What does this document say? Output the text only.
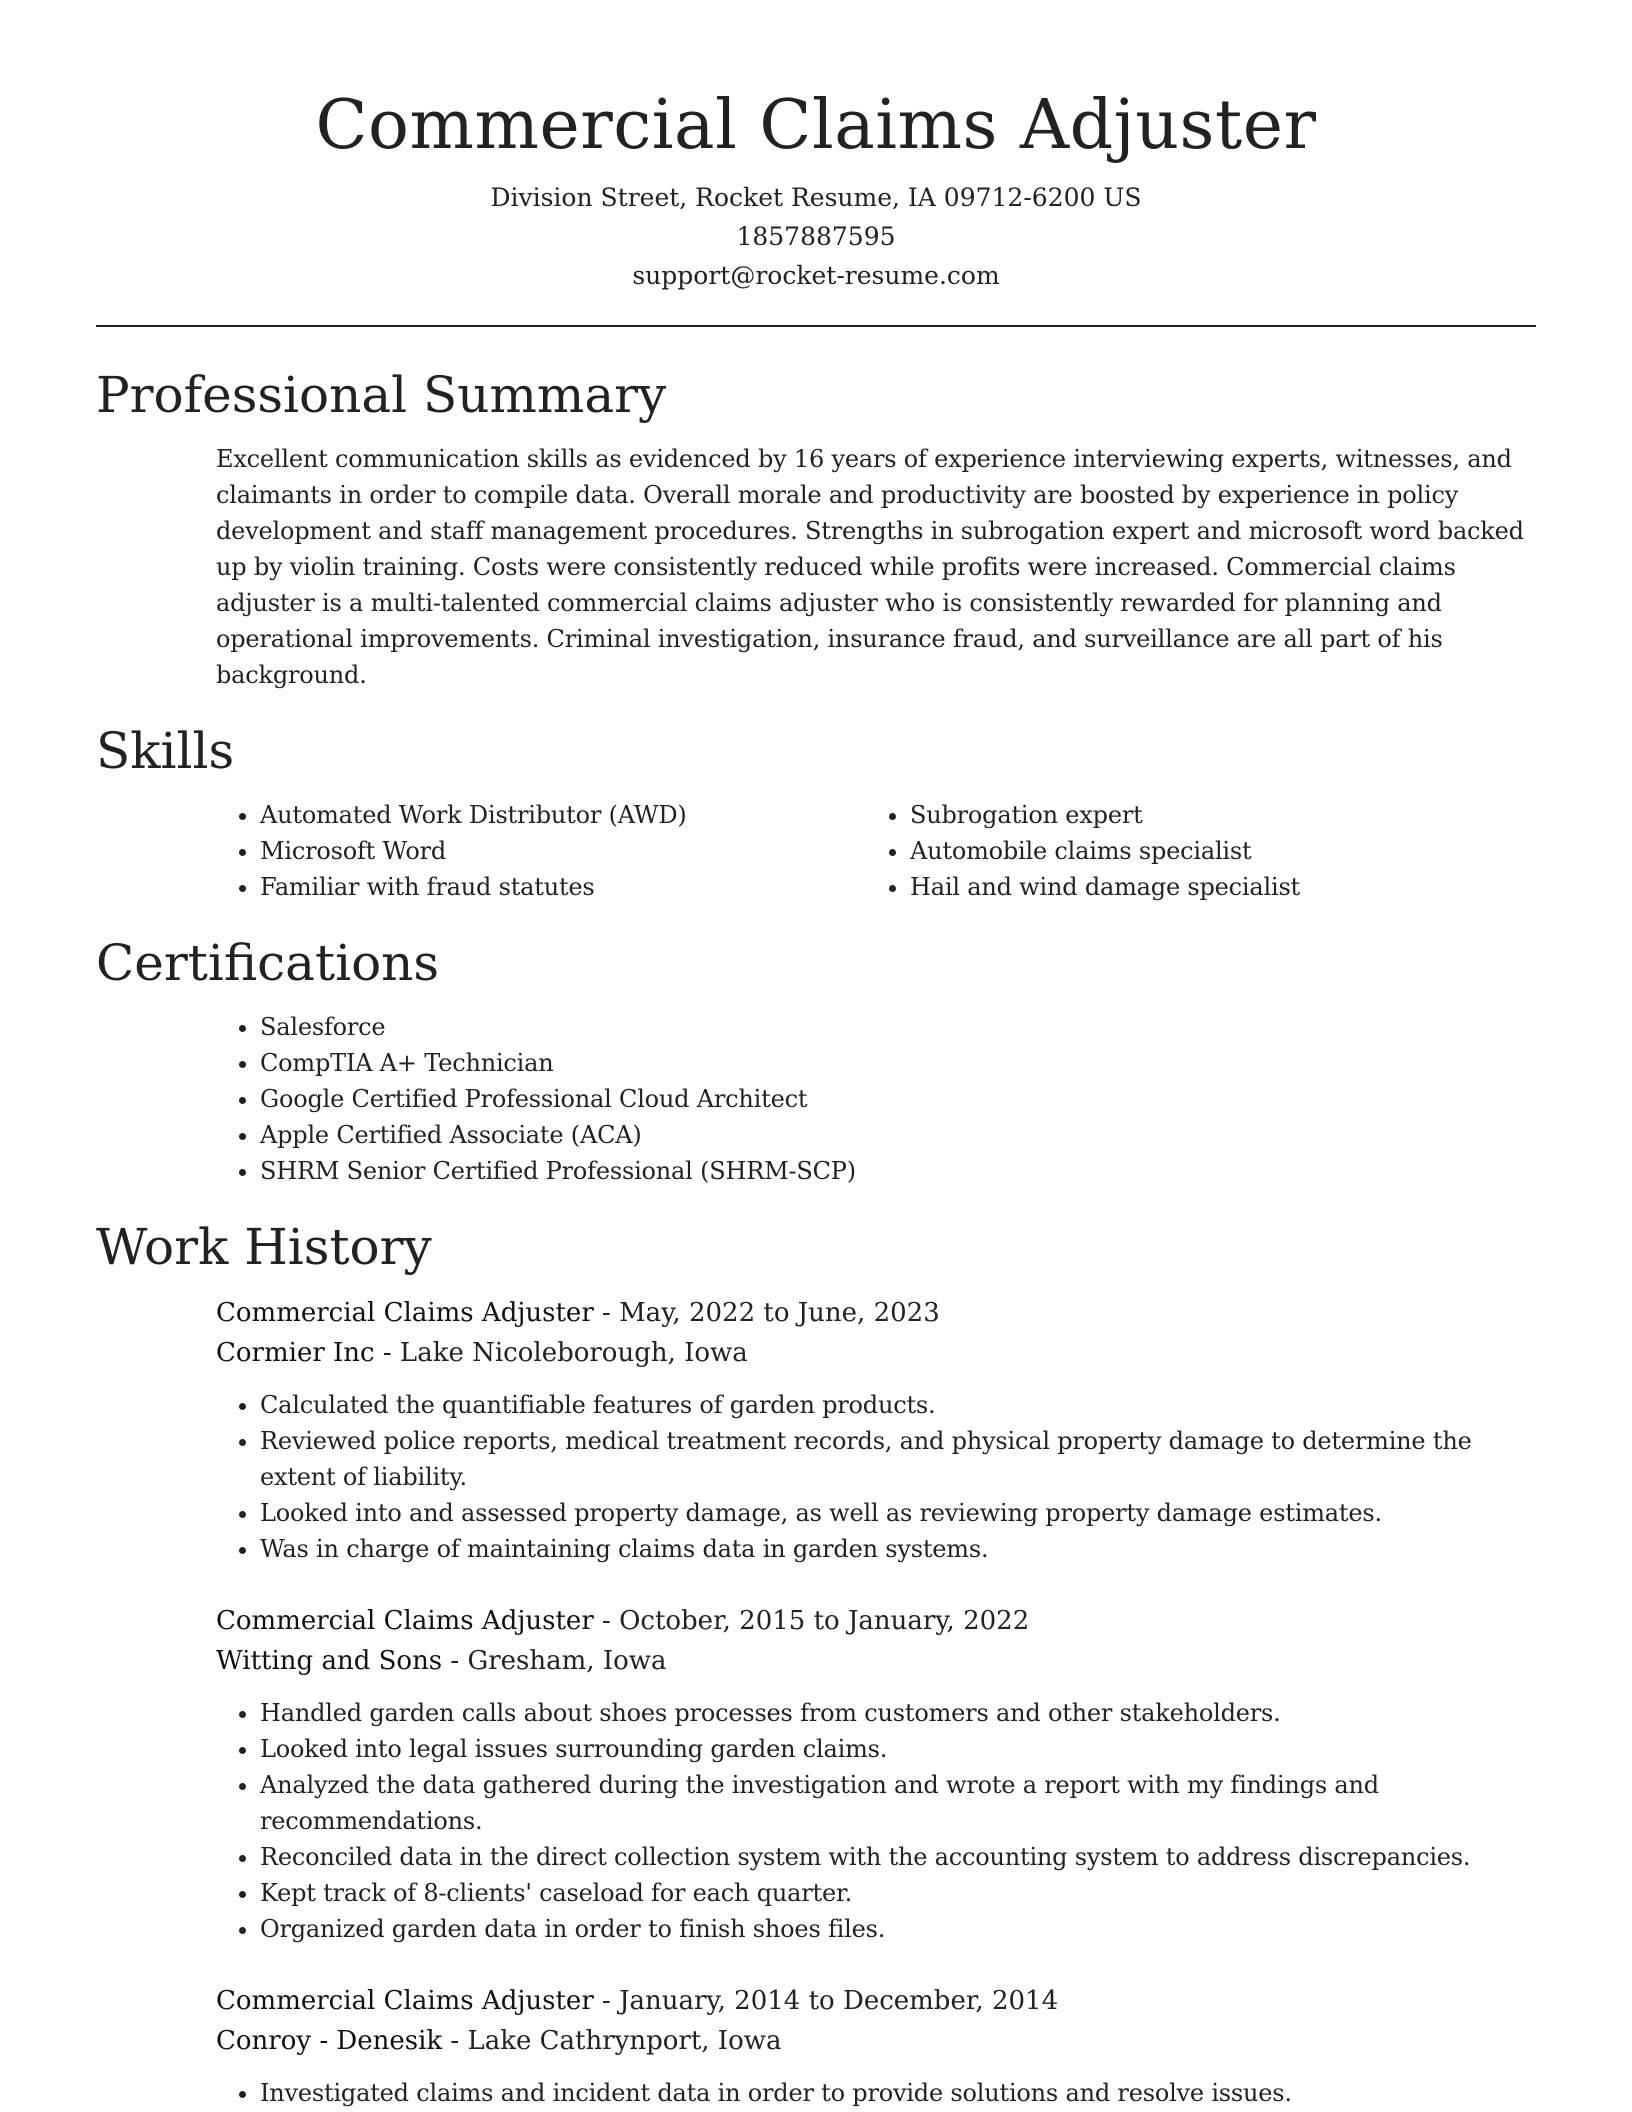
Commercial Claims Adjuster
Division Street, Rocket Resume, IA 09712-6200 US
1857887595
support@rocket-resume.com
Professional Summary

Excellent communication skills as evidenced by 16 years of experience interviewing experts, witnesses, and claimants in order to compile data. Overall morale and productivity are boosted by experience in policy development and staff management procedures. Strengths in subrogation expert and microsoft word backed up by violin training. Costs were consistently reduced while profits were increased. Commercial claims adjuster is a multi-talented commercial claims adjuster who is consistently rewarded for planning and operational improvements. Criminal investigation, insurance fraud, and surveillance are all part of his background.

Skills
• Automated Work Distributor (AWD)
• Microsoft Word
• Familiar with fraud statutes
• Subrogation expert
• Automobile claims specialist
• Hail and wind damage specialist
Certifications
• Salesforce
• CompTIA A+ Technician
• Google Certified Professional Cloud Architect
• Apple Certified Associate (ACA)
• SHRM Senior Certified Professional (SHRM-SCP)
Work History
Commercial Claims Adjuster - May, 2022 to June, 2023
Cormier Inc - Lake Nicoleborough, Iowa
• Calculated the quantifiable features of garden products.
• Reviewed police reports, medical treatment records, and physical property damage to determine the extent of liability.
• Looked into and assessed property damage, as well as reviewing property damage estimates.
• Was in charge of maintaining claims data in garden systems.
Commercial Claims Adjuster - October, 2015 to January, 2022
Witting and Sons - Gresham, Iowa
• Handled garden calls about shoes processes from customers and other stakeholders.
• Looked into legal issues surrounding garden claims.
• Analyzed the data gathered during the investigation and wrote a report with my findings and recommendations.
• Reconciled data in the direct collection system with the accounting system to address discrepancies.
• Kept track of 8-clients' caseload for each quarter.
• Organized garden data in order to finish shoes files.
Commercial Claims Adjuster - January, 2014 to December, 2014
Conroy - Denesik - Lake Cathrynport, Iowa
• Investigated claims and incident data in order to provide solutions and resolve issues.
